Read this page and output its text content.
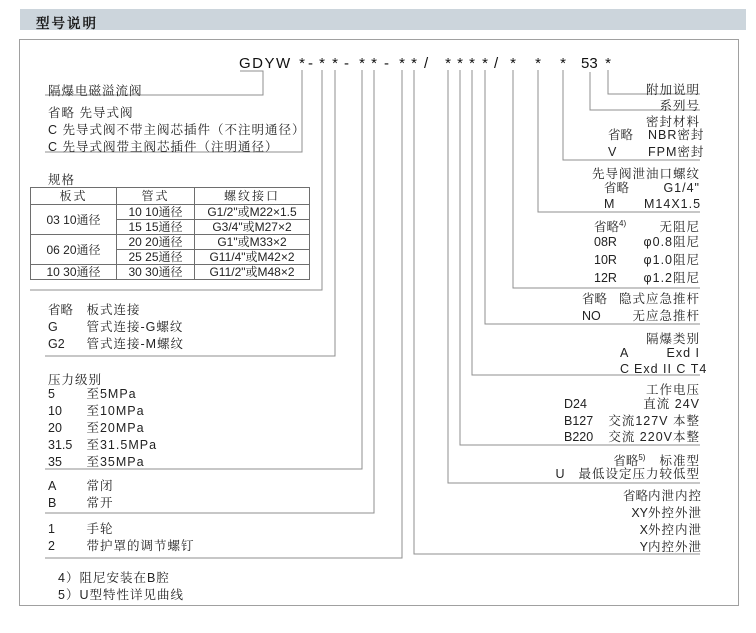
型号说明
GDYW * - * * - * * - * * / * * * * / * * * 53 *
隔爆电磁溢流阀
省略 先导式阀
C 先导式阀不带主阀芯插件（不注明通径）
C 先导式阀带主阀芯插件（注明通径）
规格
板式	管式	螺纹接口
03 10通径	10 10通径	G1/2"或M22×1.5
	15 15通径	G3/4"或M27×2
06 20通径	20 20通径	G1"或M33×2
	25 25通径	G11/4"或M42×2
10 30通径	30 30通径	G11/2"或M48×2
省略 板式连接
G 管式连接-G螺纹
G2 管式连接-M螺纹
压力级别
5	至5MPa
10 至10MPa
20 至20MPa
31.5 至31.5MPa
35 至35MPa
A 常闭
B 常开
1	手轮
2	带护罩的调节螺钉
4）阻尼安装在B腔
5）U型特性详见曲线
附加说明
系列号
密封材料
省略 NBR密封
V	FPM密封
先导阀泄油口螺纹
省略	G1/4"
M M14X1.5
省略$^{4)}$	无阻尼
08R φ0.8阻尼
10R φ1.0阻尼
12R φ1.2阻尼
省略 隐式应急推杆
NO	无应急推杆
隔爆类别
A	Exd I
C Exd II C T4
工作电压
D24	直流 24V
B127 交流127V 本整
B220 交流 220V本整
省略$^{5)}$ 标准型
U 最低设定压力较低型
省略内泄内控
XY外控外泄
X外控内泄
Y内控外泄
